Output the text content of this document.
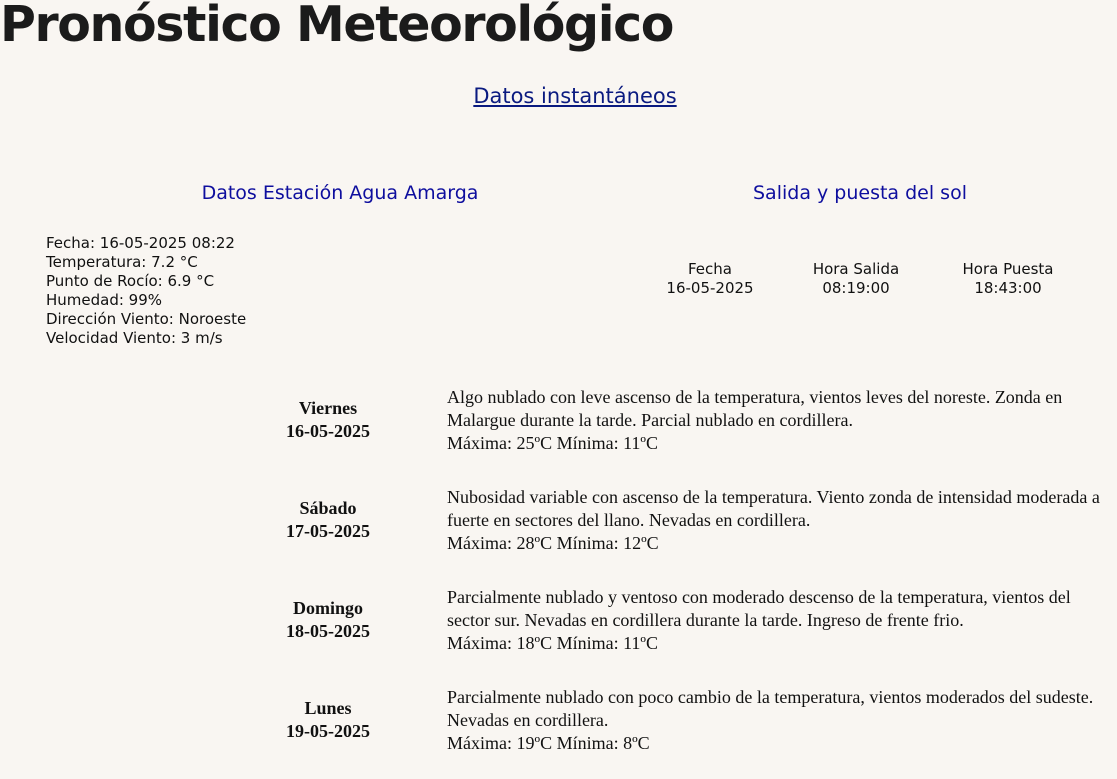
Pronóstico Meteorológico
Datos instantáneos
Datos Estación Agua Amarga	Salida y puesta del sol
Fecha: 16-05-2025 08:22
Temperatura: 7.2 °C
Punto de Rocío: 6.9 °C
Humedad: 99%
Dirección Viento: Noroeste
Velocidad Viento: 3 m/s
Fecha
16-05-2025
Hora Salida
08:19:00
Hora Puesta
18:43:00
Viernes
16-05-2025
Algo nublado con leve ascenso de la temperatura, vientos leves del noreste. Zonda en Malargue durante la tarde. Parcial nublado en cordillera.
Máxima: 25ºC Mínima: 11ºC
Sábado
17-05-2025
Nubosidad variable con ascenso de la temperatura. Viento zonda de intensidad moderada a fuerte en sectores del llano. Nevadas en cordillera.
Máxima: 28ºC Mínima: 12ºC
Domingo
18-05-2025
Parcialmente nublado y ventoso con moderado descenso de la temperatura, vientos del sector sur. Nevadas en cordillera durante la tarde. Ingreso de frente frio.
Máxima: 18ºC Mínima: 11ºC
Lunes
19-05-2025
Parcialmente nublado con poco cambio de la temperatura, vientos moderados del sudeste. Nevadas en cordillera.
Máxima: 19ºC Mínima: 8ºC
